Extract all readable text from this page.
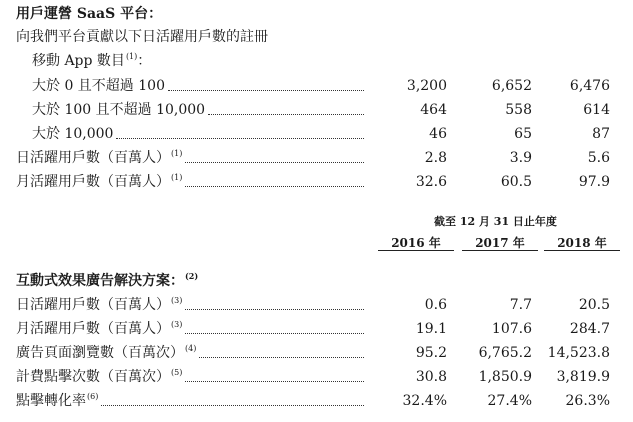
用戶運營 SaaS 平台：
向我們平台貢獻以下日活躍用戶數的註冊
移動 App 數目$^{(1)}$：
大於 0 且不超過 100	3,200	6,652	6,476
大於 100 且不超過 10,000	464	558	614
大於 10,000	46	65	87
日活躍用戶數（百萬人）$^{(1)}$	2.8	3.9	5.6
月活躍用戶數（百萬人）$^{(1)}$	32.6	60.5	97.9
截至 12 月 31 日止年度
2016 年	2017 年	2018 年
互動式效果廣告解決方案：$^{(2)}$
日活躍用戶數（百萬人）$^{(3)}$	0.6	7.7	20.5
月活躍用戶數（百萬人）$^{(3)}$	19.1	107.6	284.7
廣告頁面瀏覽數（百萬次）$^{(4)}$	95.2	6,765.2	14,523.8
計費點擊次數（百萬次）$^{(5)}$	30.8	1,850.9	3,819.9
點擊轉化率$^{(6)}$	32.4%	27.4%	26.3%
